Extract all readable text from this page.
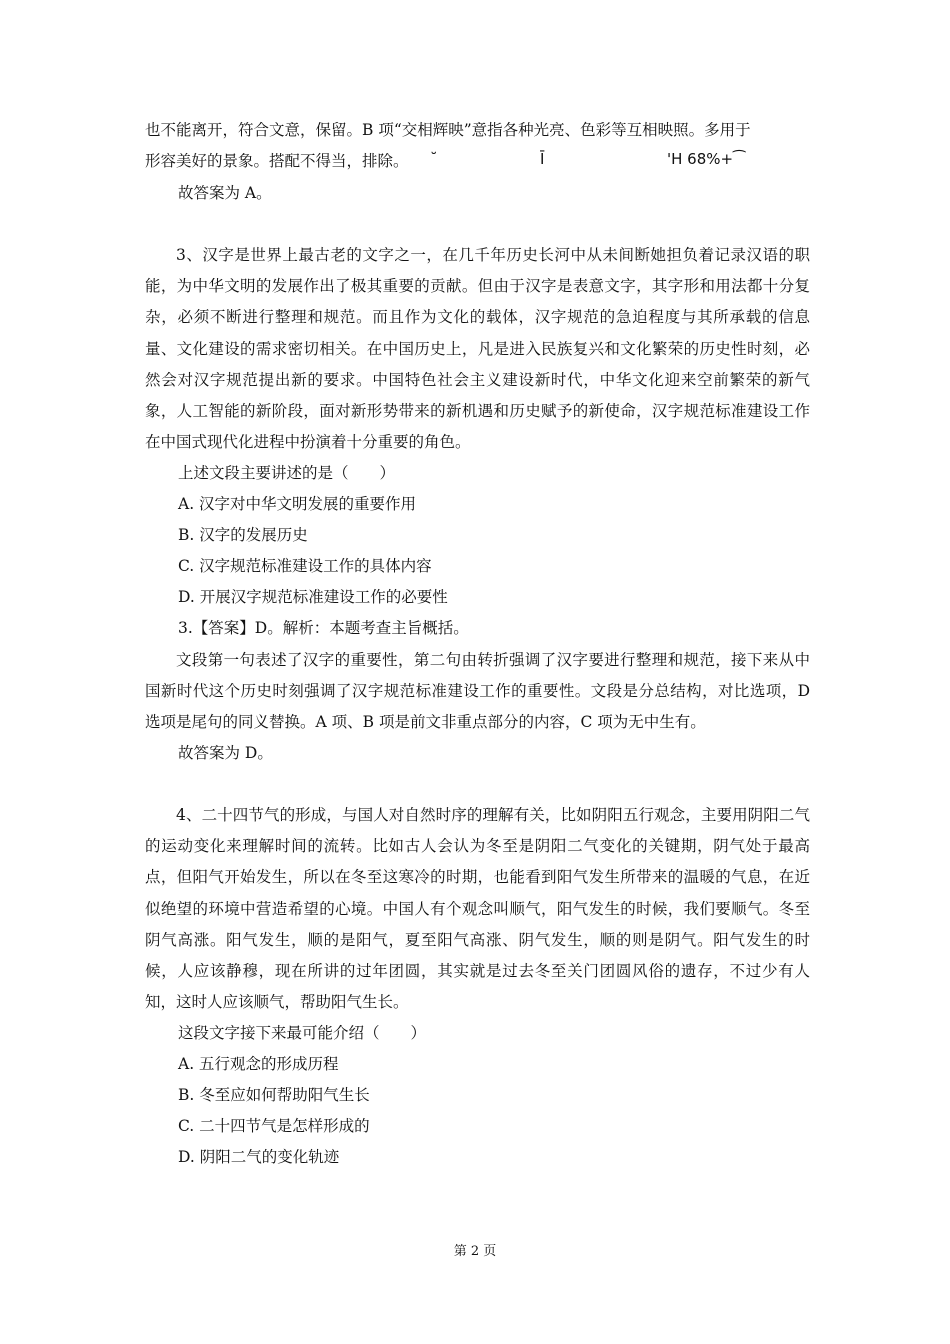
也不能离开，符合文意，保留。B 项“交相辉映”意指各种光亮、色彩等互相映照。多用于

形容美好的景象。搭配不得当，排除。 ˘	Ī	'H 68%+⁀

故答案为 A。

3、汉字是世界上最古老的文字之一，在几千年历史长河中从未间断她担负着记录汉语的职能，为中华文明的发展作出了极其重要的贡献。但由于汉字是表意文字，其字形和用法都十分复杂，必须不断进行整理和规范。而且作为文化的载体，汉字规范的急迫程度与其所承载的信息量、文化建设的需求密切相关。在中国历史上，凡是进入民族复兴和文化繁荣的历史性时刻，必然会对汉字规范提出新的要求。中国特色社会主义建设新时代，中华文化迎来空前繁荣的新气象，人工智能的新阶段，面对新形势带来的新机遇和历史赋予的新使命，汉字规范标准建设工作在中国式现代化进程中扮演着十分重要的角色。

上述文段主要讲述的是（　　）

A. 汉字对中华文明发展的重要作用

B. 汉字的发展历史

C. 汉字规范标准建设工作的具体内容

D. 开展汉字规范标准建设工作的必要性

3.【答案】D。解析：本题考查主旨概括。

文段第一句表述了汉字的重要性，第二句由转折强调了汉字要进行整理和规范，接下来从中国新时代这个历史时刻强调了汉字规范标准建设工作的重要性。文段是分总结构，对比选项，D 选项是尾句的同义替换。A 项、B 项是前文非重点部分的内容，C 项为无中生有。

故答案为 D。

4、二十四节气的形成，与国人对自然时序的理解有关，比如阴阳五行观念，主要用阴阳二气的运动变化来理解时间的流转。比如古人会认为冬至是阴阳二气变化的关键期，阴气处于最高点，但阳气开始发生，所以在冬至这寒冷的时期，也能看到阳气发生所带来的温暖的气息，在近似绝望的环境中营造希望的心境。中国人有个观念叫顺气，阳气发生的时候，我们要顺气。冬至阴气高涨。阳气发生，顺的是阳气，夏至阳气高涨、阴气发生，顺的则是阴气。阳气发生的时候，人应该静穆，现在所讲的过年团圆，其实就是过去冬至关门团圆风俗的遗存，不过少有人知，这时人应该顺气，帮助阳气生长。

这段文字接下来最可能介绍（　　）

A. 五行观念的形成历程

B. 冬至应如何帮助阳气生长

C. 二十四节气是怎样形成的

D. 阴阳二气的变化轨迹

第 2 页
